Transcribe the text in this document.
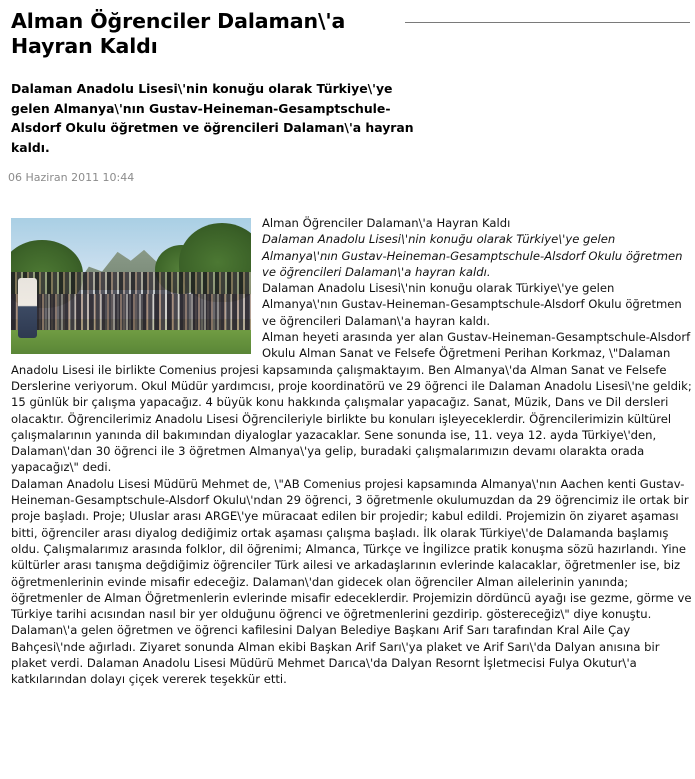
Alman Öğrenciler Dalaman\'a Hayran Kaldı

Dalaman Anadolu Lisesi\'nin konuğu olarak Türkiye\'ye gelen Almanya\'nın Gustav-Heineman-Gesamptschule-Alsdorf Okulu öğretmen ve öğrencileri Dalaman\'a hayran kaldı.

06 Haziran 2011 10:44

Alman Öğrenciler Dalaman\'a Hayran Kaldı

Dalaman Anadolu Lisesi\'nin konuğu olarak Türkiye\'ye gelen Almanya\'nın Gustav-Heineman-Gesamptschule-Alsdorf Okulu öğretmen ve öğrencileri Dalaman\'a hayran kaldı.

Dalaman Anadolu Lisesi\'nin konuğu olarak Türkiye\'ye gelen Almanya\'nın Gustav-Heineman-Gesamptschule-Alsdorf Okulu öğretmen ve öğrencileri Dalaman\'a hayran kaldı.

Alman heyeti arasında yer alan Gustav-Heineman-Gesamptschule-Alsdorf Okulu Alman Sanat ve Felsefe Öğretmeni Perihan Korkmaz, \"Dalaman Anadolu Lisesi ile birlikte Comenius projesi kapsamında çalışmaktayım. Ben Almanya\'da Alman Sanat ve Felsefe Derslerine veriyorum. Okul Müdür yardımcısı, proje koordinatörü ve 29 öğrenci ile Dalaman Anadolu Lisesi\'ne geldik; 15 günlük bir çalışma yapacağız. 4 büyük konu hakkında çalışmalar yapacağız. Sanat, Müzik, Dans ve Dil dersleri olacaktır. Öğrencilerimiz Anadolu Lisesi Öğrencileriyle birlikte bu konuları işleyeceklerdir. Öğrencilerimizin kültürel çalışmalarının yanında dil bakımından diyaloglar yazacaklar. Sene sonunda ise, 11. veya 12. ayda Türkiye\'den, Dalaman\'dan 30 öğrenci ile 3 öğretmen Almanya\'ya gelip, buradaki çalışmalarımızın devamı olarakta orada yapacağız\" dedi.

Dalaman Anadolu Lisesi Müdürü Mehmet de, \"AB Comenius projesi kapsamında Almanya\'nın Aachen kenti Gustav-Heineman-Gesamptschule-Alsdorf Okulu\'ndan 29 öğrenci, 3 öğretmenle okulumuzdan da 29 öğrencimiz ile ortak bir proje başladı. Proje; Uluslar arası ARGE\'ye müracaat edilen bir projedir; kabul edildi. Projemizin ön ziyaret aşaması bitti, öğrenciler arası diyalog dediğimiz ortak aşaması çalışma başladı. İlk olarak Türkiye\'de Dalamanda başlamış oldu. Çalışmalarımız arasında folklor, dil öğrenimi; Almanca, Türkçe ve İngilizce pratik konuşma sözü hazırlandı. Yine kültürler arası tanışma değdiğimiz öğrenciler Türk ailesi ve arkadaşlarının evlerinde kalacaklar, öğretmenler ise, biz öğretmenlerinin evinde misafir edeceğiz. Dalaman\'dan gidecek olan öğrenciler Alman ailelerinin yanında; öğretmenler de Alman Öğretmenlerin evlerinde misafir edeceklerdir. Projemizin dördüncü ayağı ise gezme, görme ve Türkiye tarihi acısından nasıl bir yer olduğunu öğrenci ve öğretmenlerini gezdirip. göstereceğiz\" diye konuştu.

Dalaman\'a gelen öğretmen ve öğrenci kafilesini Dalyan Belediye Başkanı Arif Sarı tarafından Kral Aile Çay Bahçesi\'nde ağırladı. Ziyaret sonunda Alman ekibi Başkan Arif Sarı\'ya plaket ve Arif Sarı\'da Dalyan anısına bir plaket verdi. Dalaman Anadolu Lisesi Müdürü Mehmet Darıca\'da Dalyan Resornt İşletmecisi Fulya Okutur\'a katkılarından dolayı çiçek vererek teşekkür etti.
